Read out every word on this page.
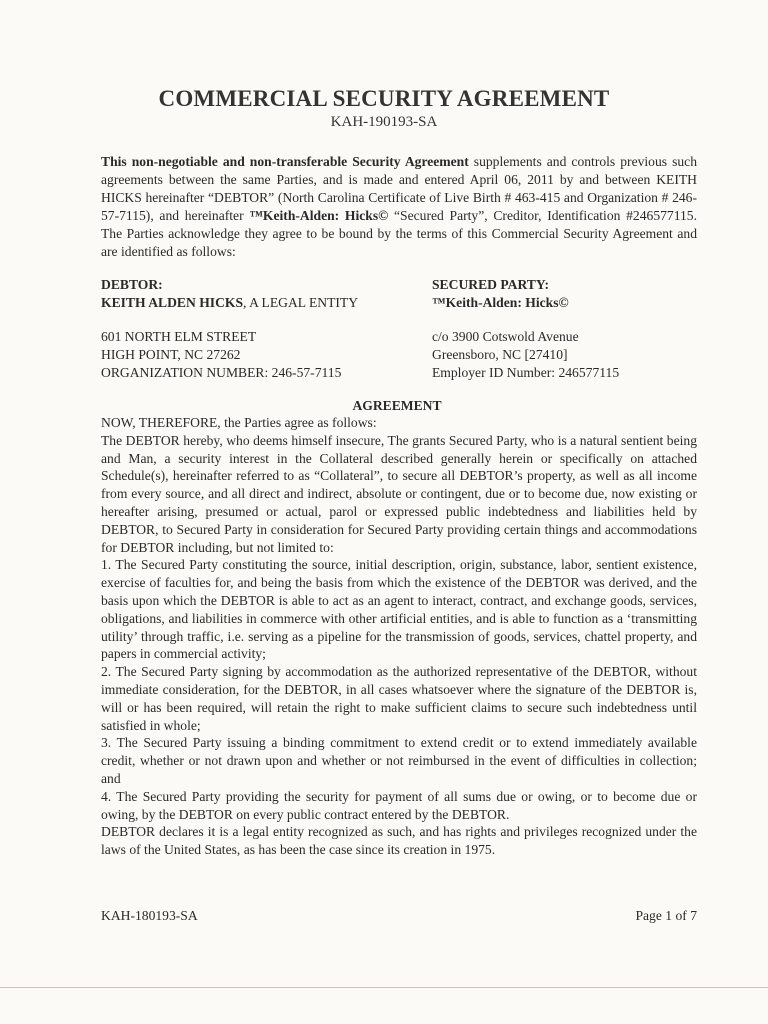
COMMERCIAL SECURITY AGREEMENT
KAH-190193-SA
This non-negotiable and non-transferable Security Agreement supplements and controls previous such agreements between the same Parties, and is made and entered April 06, 2011 by and between KEITH HICKS hereinafter “DEBTOR” (North Carolina Certificate of Live Birth # 463-415 and Organization # 246-57-7115), and hereinafter ™Keith-Alden: Hicks© “Secured Party”, Creditor, Identification #246577115. The Parties acknowledge they agree to be bound by the terms of this Commercial Security Agreement and are identified as follows:
DEBTOR:
KEITH ALDEN HICKS, A LEGAL ENTITY
601 NORTH ELM STREET
HIGH POINT, NC 27262
ORGANIZATION NUMBER: 246-57-7115
SECURED PARTY:
™Keith-Alden: Hicks©
c/o 3900 Cotswold Avenue
Greensboro, NC [27410]
Employer ID Number: 246577115
AGREEMENT

NOW, THEREFORE, the Parties agree as follows:

The DEBTOR hereby, who deems himself insecure, The grants Secured Party, who is a natural sentient being and Man, a security interest in the Collateral described generally herein or specifically on attached Schedule(s), hereinafter referred to as “Collateral”, to secure all DEBTOR’s property, as well as all income from every source, and all direct and indirect, absolute or contingent, due or to become due, now existing or hereafter arising, presumed or actual, parol or expressed public indebtedness and liabilities held by DEBTOR, to Secured Party in consideration for Secured Party providing certain things and accommodations for DEBTOR including, but not limited to:

1. The Secured Party constituting the source, initial description, origin, substance, labor, sentient existence, exercise of faculties for, and being the basis from which the existence of the DEBTOR was derived, and the basis upon which the DEBTOR is able to act as an agent to interact, contract, and exchange goods, services, obligations, and liabilities in commerce with other artificial entities, and is able to function as a ‘transmitting utility’ through traffic, i.e. serving as a pipeline for the transmission of goods, services, chattel property, and papers in commercial activity;

2. The Secured Party signing by accommodation as the authorized representative of the DEBTOR, without immediate consideration, for the DEBTOR, in all cases whatsoever where the signature of the DEBTOR is, will or has been required, will retain the right to make sufficient claims to secure such indebtedness until satisfied in whole;

3. The Secured Party issuing a binding commitment to extend credit or to extend immediately available credit, whether or not drawn upon and whether or not reimbursed in the event of difficulties in collection; and

4. The Secured Party providing the security for payment of all sums due or owing, or to become due or owing, by the DEBTOR on every public contract entered by the DEBTOR.

DEBTOR declares it is a legal entity recognized as such, and has rights and privileges recognized under the laws of the United States, as has been the case since its creation in 1975.

KAH-180193-SA	Page 1 of 7
